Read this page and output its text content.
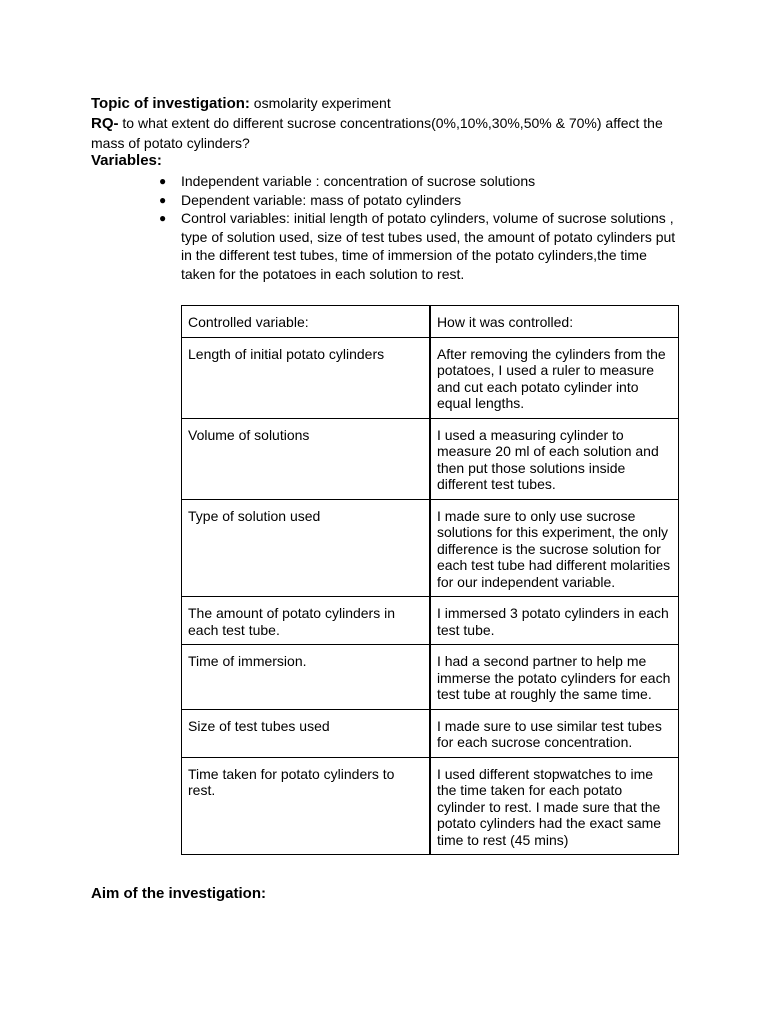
Topic of investigation: osmolarity experiment
RQ- to what extent do different sucrose concentrations(0%,10%,30%,50% & 70%) affect the
mass of potato cylinders?
Variables:
● Independent variable : concentration of sucrose solutions
● Dependent variable: mass of potato cylinders
● Control variables: initial length of potato cylinders, volume of sucrose solutions , type of solution used, size of test tubes used, the amount of potato cylinders put in the different test tubes, time of immersion of the potato cylinders,the time taken for the potatoes in each solution to rest.
Controlled variable:	How it was controlled:
Length of initial potato cylinders	After removing the cylinders from the potatoes, I used a ruler to measure and cut each potato cylinder into equal lengths.
Volume of solutions	I used a measuring cylinder to measure 20 ml of each solution and then put those solutions inside different test tubes.
Type of solution used	I made sure to only use sucrose solutions for this experiment, the only difference is the sucrose solution for each test tube had different molarities for our independent variable.
The amount of potato cylinders in each test tube.	I immersed 3 potato cylinders in each test tube.
Time of immersion.	I had a second partner to help me immerse the potato cylinders for each test tube at roughly the same time.
Size of test tubes used	I made sure to use similar test tubes for each sucrose concentration.
Time taken for potato cylinders to rest.	I used different stopwatches to ime the time taken for each potato cylinder to rest. I made sure that the potato cylinders had the exact same time to rest (45 mins)
Aim of the investigation:
